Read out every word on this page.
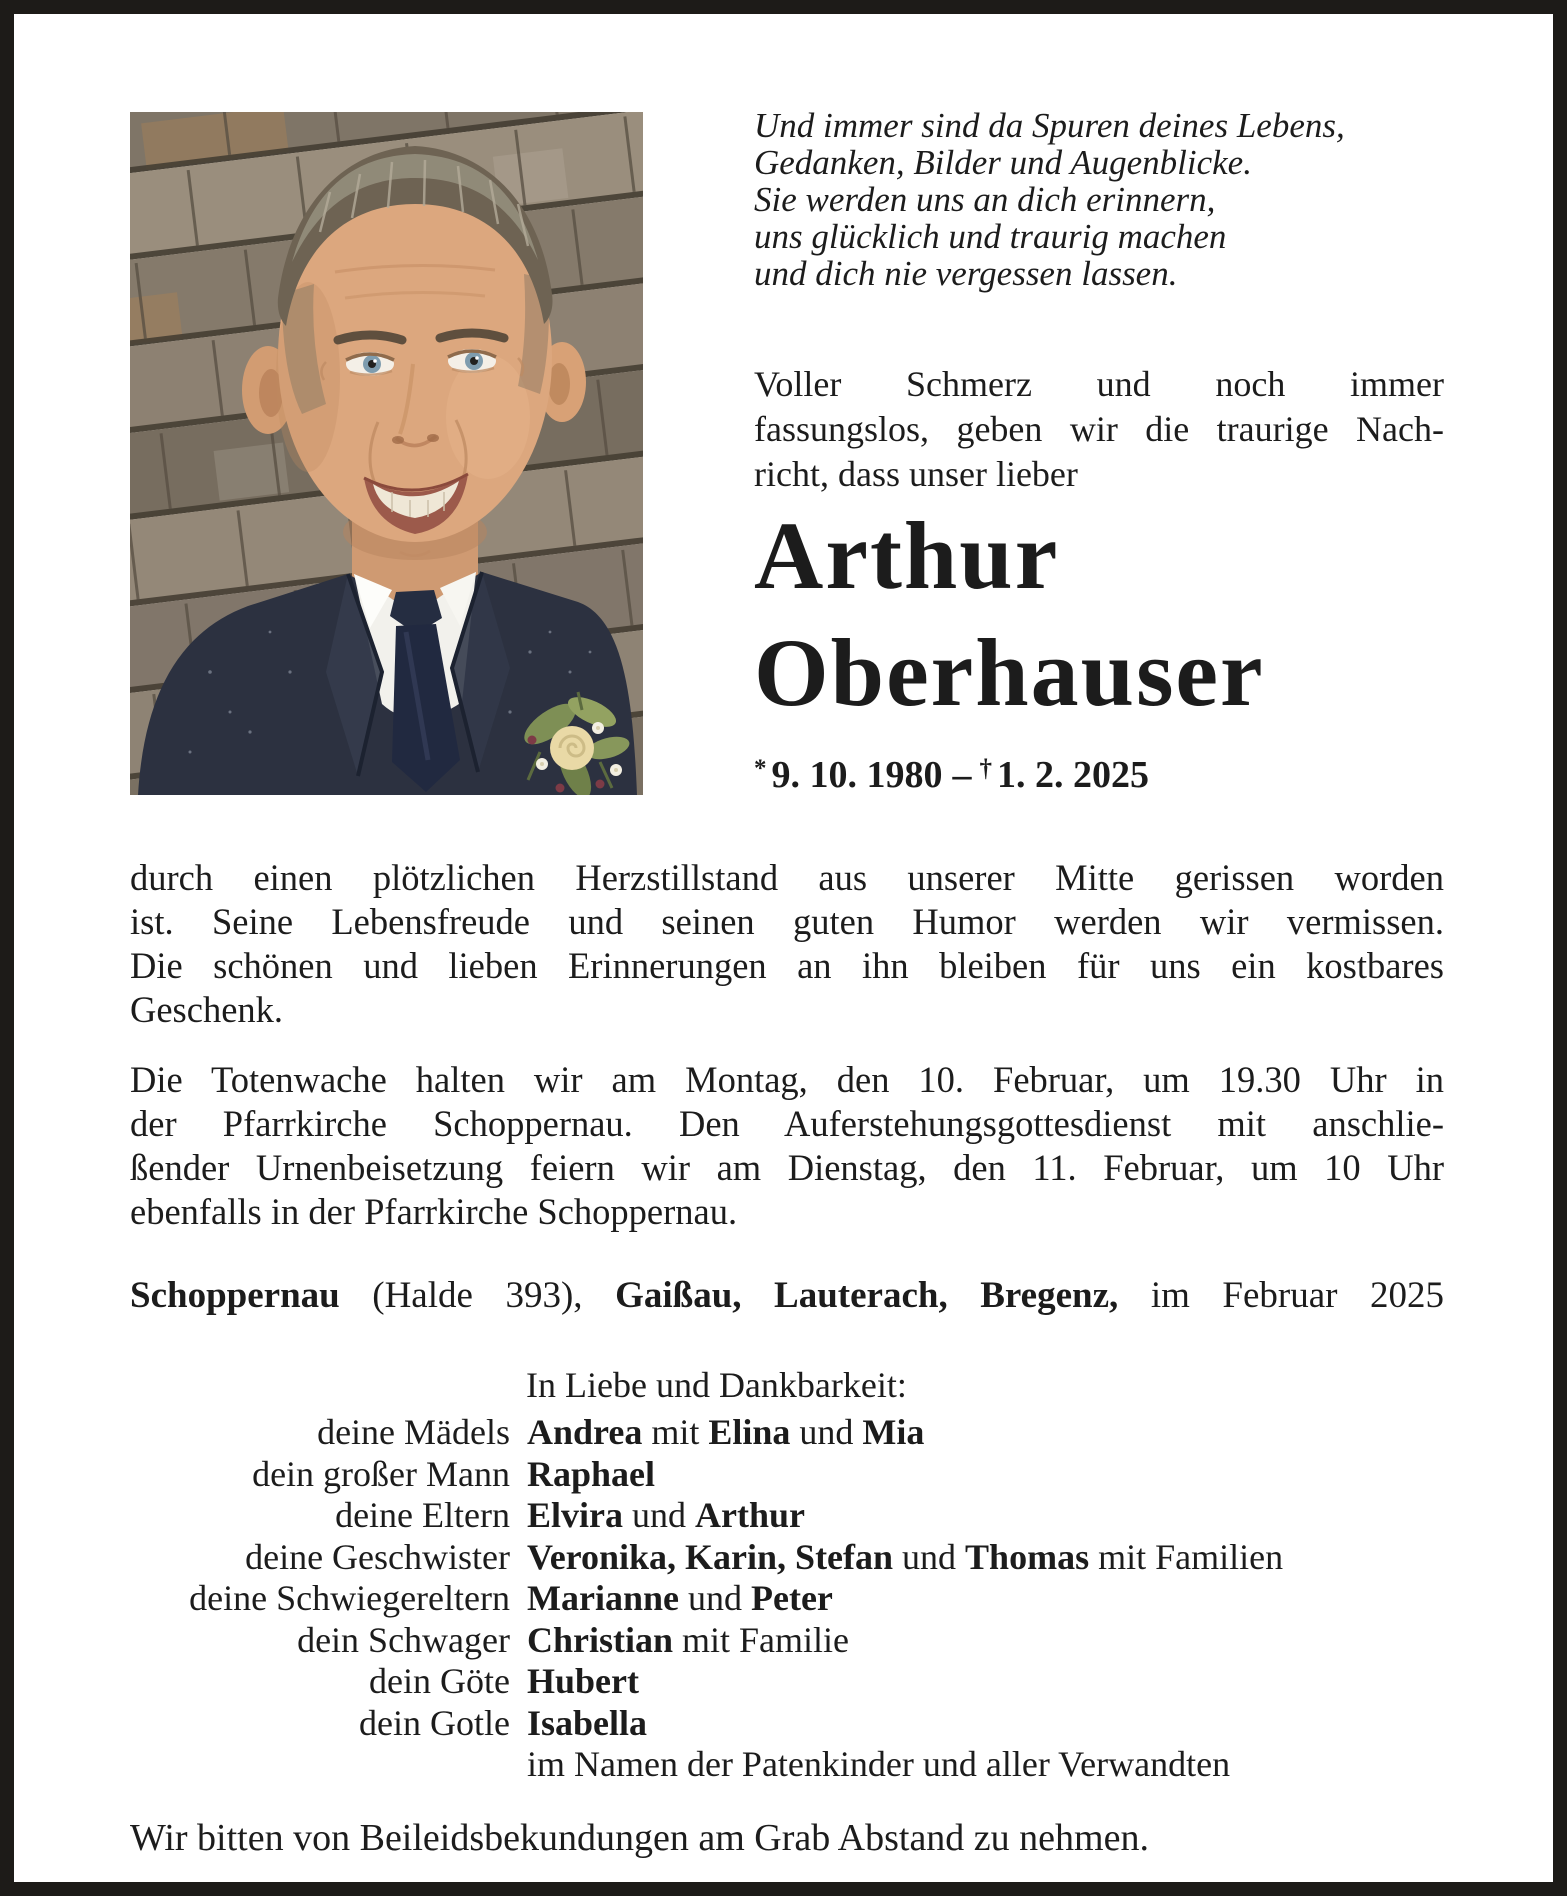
Und immer sind da Spuren deines Lebens,
Gedanken, Bilder und Augenblicke.
Sie werden uns an dich erinnern,
uns glücklich und traurig machen
und dich nie vergessen lassen.
Voller Schmerz und noch immer
fassungslos, geben wir die traurige Nach-
richt, dass unser lieber
Arthur
Oberhauser
* 9. 10. 1980 – † 1. 2. 2025
durch einen plötzlichen Herzstillstand aus unserer Mitte gerissen worden
ist. Seine Lebensfreude und seinen guten Humor werden wir vermissen.
Die schönen und lieben Erinnerungen an ihn bleiben für uns ein kostbares
Geschenk.
Die Totenwache halten wir am Montag, den 10. Februar, um 19.30 Uhr in
der Pfarrkirche Schoppernau. Den Auferstehungsgottesdienst mit anschlie-
ßender Urnenbeisetzung feiern wir am Dienstag, den 11. Februar, um 10 Uhr
ebenfalls in der Pfarrkirche Schoppernau.
Schoppernau (Halde 393), Gaißau, Lauterach, Bregenz, im Februar 2025
In Liebe und Dankbarkeit:
deine Mädels Andrea mit Elina und Mia
dein großer Mann Raphael
deine Eltern Elvira und Arthur
deine Geschwister Veronika, Karin, Stefan und Thomas mit Familien
deine Schwiegereltern Marianne und Peter
dein Schwager Christian mit Familie
dein Göte Hubert
dein Gotle Isabella
im Namen der Patenkinder und aller Verwandten
Wir bitten von Beileidsbekundungen am Grab Abstand zu nehmen.
